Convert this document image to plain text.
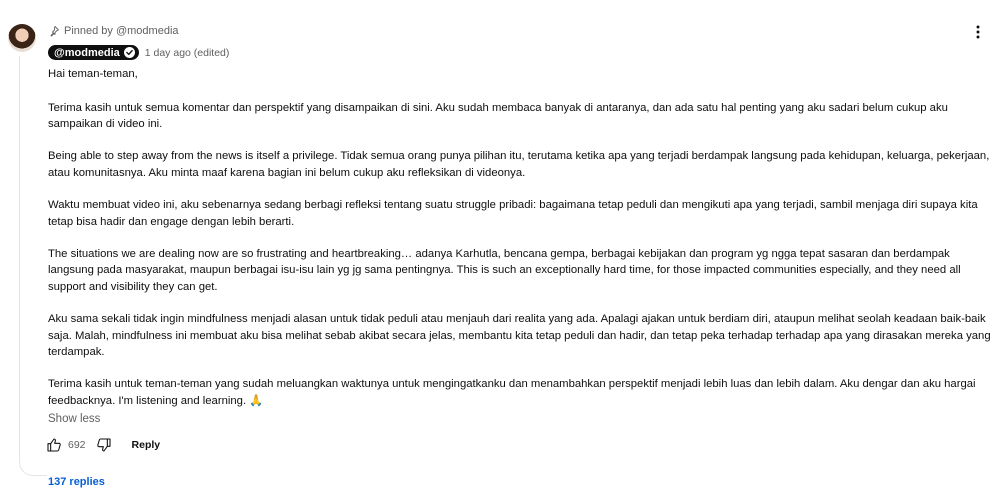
Pinned by @modmedia
@modmedia 1 day ago (edited)

Hai teman-teman,

Terima kasih untuk semua komentar dan perspektif yang disampaikan di sini. Aku sudah membaca banyak di antaranya, dan ada satu hal penting yang aku sadari belum cukup aku sampaikan di video ini.

Being able to step away from the news is itself a privilege. Tidak semua orang punya pilihan itu, terutama ketika apa yang terjadi berdampak langsung pada kehidupan, keluarga, pekerjaan, atau komunitasnya. Aku minta maaf karena bagian ini belum cukup aku refleksikan di videonya.

Waktu membuat video ini, aku sebenarnya sedang berbagi refleksi tentang suatu struggle pribadi: bagaimana tetap peduli dan mengikuti apa yang terjadi, sambil menjaga diri supaya kita tetap bisa hadir dan engage dengan lebih berarti.

The situations we are dealing now are so frustrating and heartbreaking… adanya Karhutla, bencana gempa, berbagai kebijakan dan program yg ngga tepat sasaran dan berdampak langsung pada masyarakat, maupun berbagai isu-isu lain yg jg sama pentingnya. This is such an exceptionally hard time, for those impacted communities especially, and they need all support and visibility they can get.

Aku sama sekali tidak ingin mindfulness menjadi alasan untuk tidak peduli atau menjauh dari realita yang ada. Apalagi ajakan untuk berdiam diri, ataupun melihat seolah keadaan baik-baik saja. Malah, mindfulness ini membuat aku bisa melihat sebab akibat secara jelas, membantu kita tetap peduli dan hadir, dan tetap peka terhadap terhadap apa yang dirasakan mereka yang terdampak.

Terima kasih untuk teman-teman yang sudah meluangkan waktunya untuk mengingatkanku dan menambahkan perspektif menjadi lebih luas dan lebih dalam. Aku dengar dan aku hargai feedbacknya. I'm listening and learning. 🙏

Show less
692	Reply
137 replies
